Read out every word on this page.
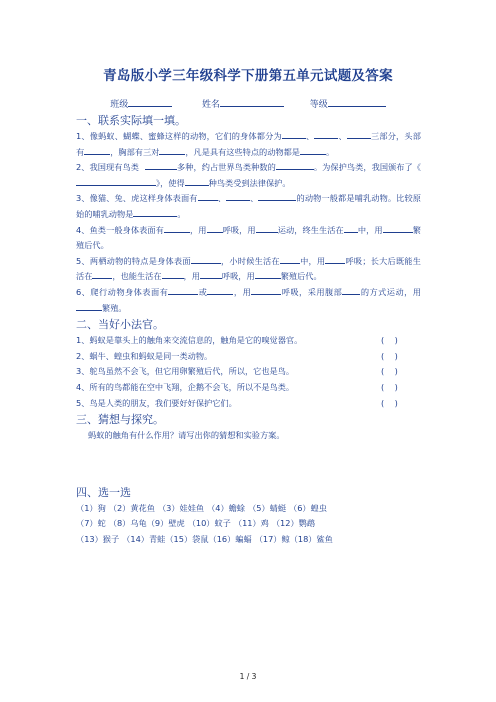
青岛版小学三年级科学下册第五单元试题及答案
班级	姓名	等级

一、联系实际填一填。

1、像蚂蚁、蝴蝶、蜜蜂这样的动物，它们的身体都分为	、	、	三部分，头部有	，胸部有三对	，凡是具有这些特点的动物都是	。

2、我国现有鸟类	多种，约占世界鸟类种数的	。为保护鸟类，我国颁布了《》，使得	种鸟类受到法律保护。

3、像猫、兔、虎这样身体表面有 、	、	的动物一般都是哺乳动物。比较原始的哺乳动物是	。

4、鱼类一般身体表面有	，用 呼吸，用	运动，终生生活在 中，用	繁殖后代。

5、两栖动物的特点是身体表面	，小时候生活在 中，用 呼吸；长大后既能生活在 ，也能生活在	，用	呼吸，用	繁殖后代。

6、爬行动物身体表面有	或	，用	呼吸，采用腹部 的方式运动，用繁殖。

二、当好小法官。

1、蚂蚁是靠头上的触角来交流信息的，触角是它的嗅觉器官。	(    )
2、蜗牛、蝗虫和蚂蚁是同一类动物。	(    )
3、鸵鸟虽然不会飞，但它用卵繁殖后代，所以，它也是鸟。	(    )
4、所有的鸟都能在空中飞翔，企鹅不会飞，所以不是鸟类。	(    )
5、鸟是人类的朋友，我们要好好保护它们。	(    )

三、猜想与探究。

蚂蚁的触角有什么作用？请写出你的猜想和实验方案。

四、选一选

（1）狗 （2）黄花鱼 （3）娃娃鱼 （4）蟾蜍 （5）蜻蜓 （6）蝗虫

（7）蛇 （8）乌龟（9）壁虎 （10）蚊子 （11）鸡 （12）鹦鹉

（13）猴子 （14）青蛙（15）袋鼠（16）蝙蝠 （17）鲸（18）鲨鱼

1 / 3
